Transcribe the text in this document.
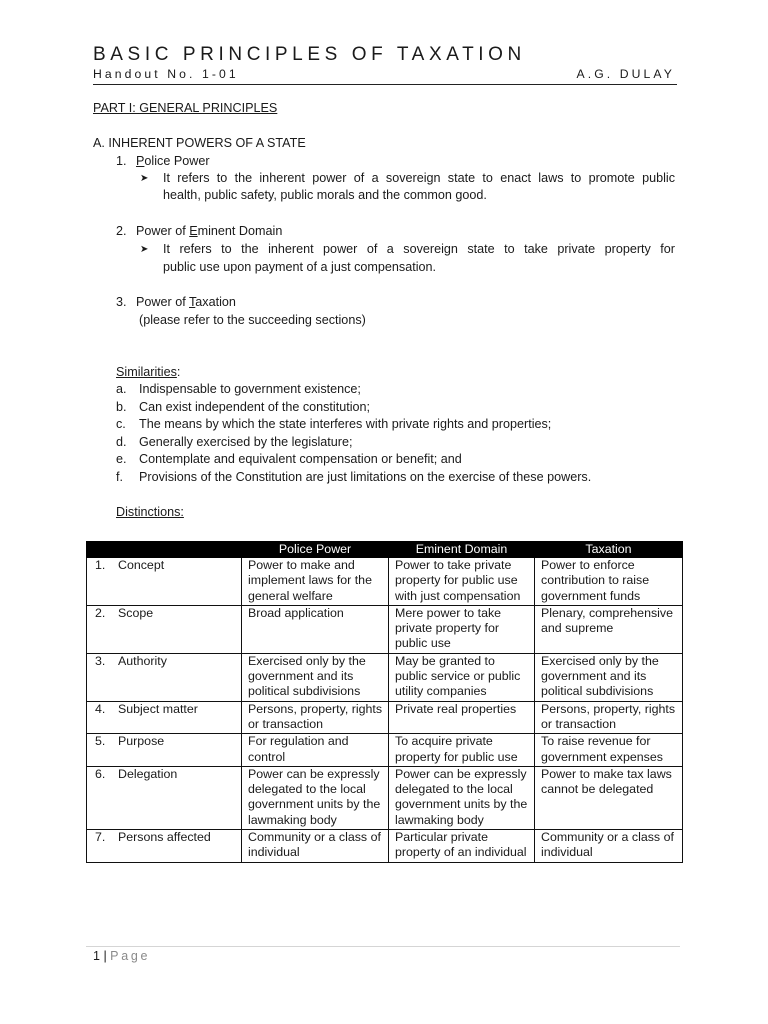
BASIC PRINCIPLES OF TAXATION
Handout No. 1-01	A.G. DULAY
PART I: GENERAL PRINCIPLES
A. INHERENT POWERS OF A STATE
1. Police Power
➤ It refers to the inherent power of a sovereign state to enact laws to promote public
health, public safety, public morals and the common good.
2. Power of Eminent Domain
➤ It refers to the inherent power of a sovereign state to take private property for
public use upon payment of a just compensation.
3. Power of Taxation
(please refer to the succeeding sections)
Similarities:
a. Indispensable to government existence;
b. Can exist independent of the constitution;
c. The means by which the state interferes with private rights and properties;
d. Generally exercised by the legislature;
e. Contemplate and equivalent compensation or benefit; and
f. Provisions of the Constitution are just limitations on the exercise of these powers.
Distinctions:
	Police Power	Eminent Domain	Taxation
1. Concept	Power to make and implement laws for the general welfare	Power to take private property for public use with just compensation	Power to enforce contribution to raise government funds
2. Scope	Broad application	Mere power to take private property for public use	Plenary, comprehensive and supreme
3. Authority	Exercised only by the government and its political subdivisions	May be granted to public service or public utility companies	Exercised only by the government and its political subdivisions
4. Subject matter	Persons, property, rights or transaction	Private real properties	Persons, property, rights or transaction
5. Purpose	For regulation and control	To acquire private property for public use	To raise revenue for government expenses
6. Delegation	Power can be expressly delegated to the local government units by the lawmaking body	Power can be expressly delegated to the local government units by the lawmaking body	Power to make tax laws cannot be delegated
7. Persons affected	Community or a class of individual	Particular private property of an individual	Community or a class of individual
1 | Page
